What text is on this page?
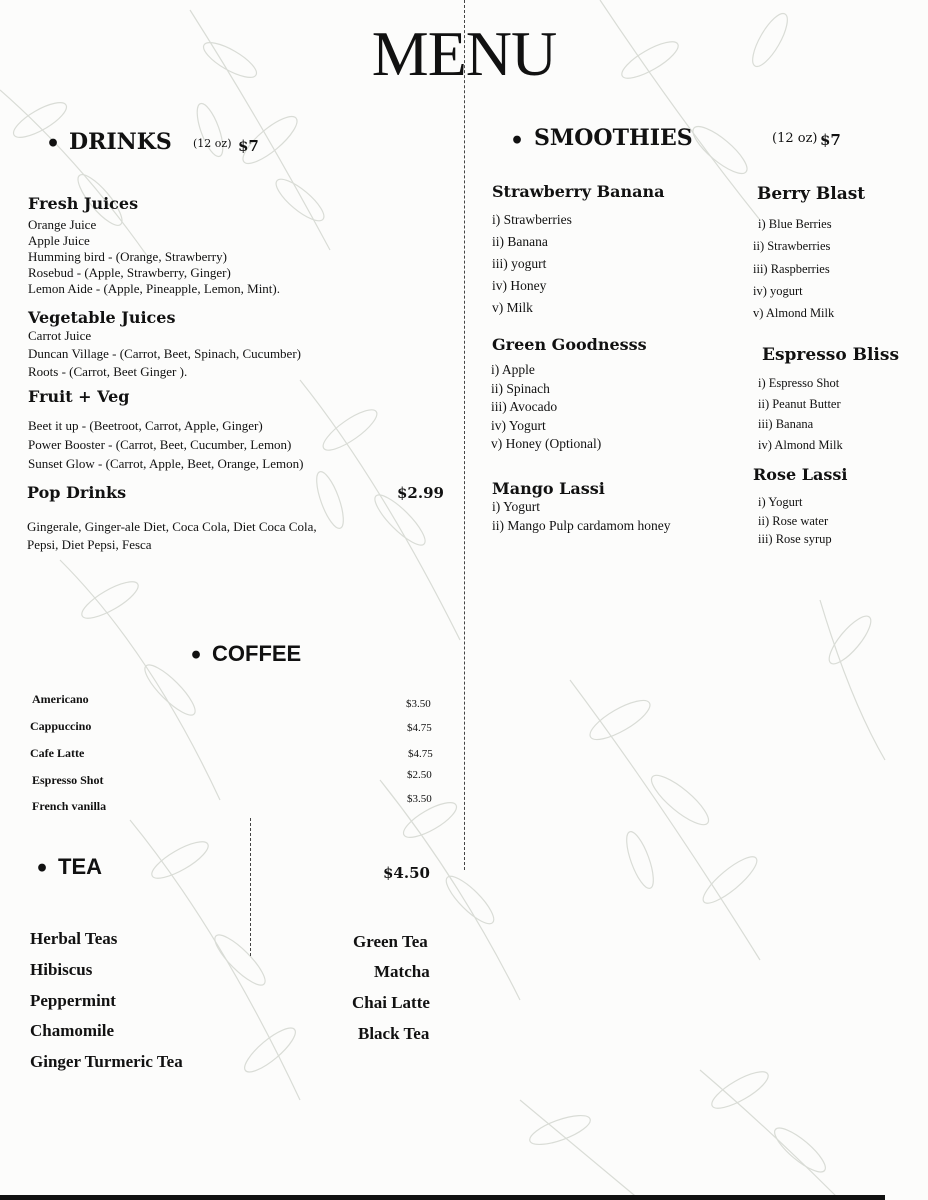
MENU
• DRINKS (12 oz) $7
Fresh Juices
Orange Juice
Apple Juice
Humming bird - (Orange, Strawberry)
Rosebud - (Apple, Strawberry, Ginger)
Lemon Aide - (Apple, Pineapple, Lemon, Mint).
Vegetable Juices
Carrot Juice
Duncan Village - (Carrot, Beet, Spinach, Cucumber)
Roots - (Carrot, Beet Ginger ).
Fruit + Veg
Beet it up - (Beetroot, Carrot, Apple, Ginger)
Power Booster - (Carrot, Beet, Cucumber, Lemon)
Sunset Glow - (Carrot, Apple, Beet, Orange, Lemon)
Pop Drinks	$2.99
Gingerale, Ginger-ale Diet, Coca Cola, Diet Coca Cola,
Pepsi, Diet Pepsi, Fesca
• SMOOTHIES	(12 oz) $7
Strawberry Banana
i) Strawberries
ii) Banana
iii) yogurt
iv) Honey
v) Milk
Green Goodnesss
i) Apple
ii) Spinach
iii) Avocado
iv) Yogurt
v) Honey (Optional)
Mango Lassi
i) Yogurt
ii) Mango Pulp cardamom honey
Berry Blast
i) Blue Berries
ii) Strawberries
iii) Raspberries
iv) yogurt
v) Almond Milk
Espresso Bliss
i) Espresso Shot
ii) Peanut Butter
iii) Banana
iv) Almond Milk
Rose Lassi
i) Yogurt
ii) Rose water
iii) Rose syrup
• COFFEE
Americano	$3.50
Cappuccino	$4.75
Cafe Latte	$4.75
Espresso Shot	$2.50
French vanilla	$3.50
• TEA	$4.50
Herbal Teas
Hibiscus
Peppermint
Chamomile
Ginger Turmeric Tea
Green Tea
Matcha
Chai Latte
Black Tea
